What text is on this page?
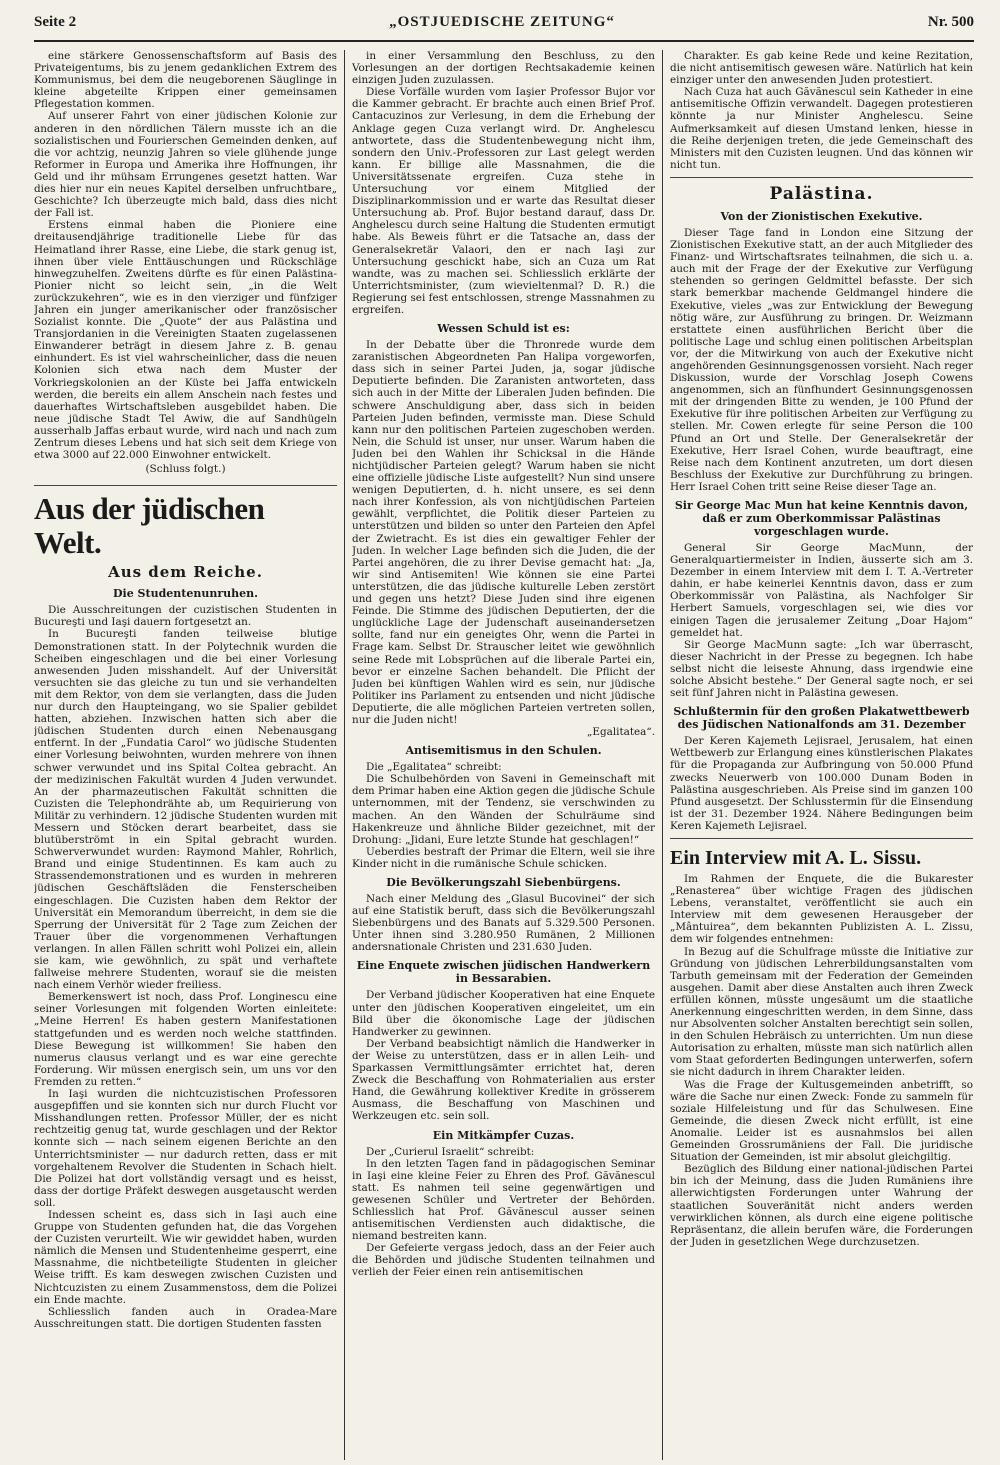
Seite 2	„OSTJUEDISCHE ZEITUNG“	Nr. 500

eine stärkere Genossenschaftsform auf Basis des Privateigentums, bis zu jenem gedanklichen Extrem des Kommunismus, bei dem die neugeborenen Säuglinge in kleine abgeteilte Krippen einer gemeinsamen Pflegestation kommen.

Auf unserer Fahrt von einer jüdischen Kolonie zur anderen in den nördlichen Tälern musste ich an die sozialistischen und Fourierschen Gemeinden denken, auf die vor achtzig, neunzig Jahren so viele glühende junge Reformer in Europa und Amerika ihre Hoffnungen, ihr Geld und ihr mühsam Errungenes gesetzt hatten. War dies hier nur ein neues Kapitel derselben unfruchtbare„ Geschichte? Ich überzeugte mich bald, dass dies nicht der Fall ist.

Erstens einmal haben die Pioniere eine dreitausendjährige traditionelle Liebe für das Heimatland ihrer Rasse, eine Liebe, die stark genug ist, ihnen über viele Enttäuschungen und Rückschläge hinwegzuhelfen. Zweitens dürfte es für einen Palästina-Pionier nicht so leicht sein, „in die Welt zurückzukehren“, wie es in den vierziger und fünfziger Jahren ein junger amerikanischer oder französischer Sozialist konnte. Die „Quote“ der aus Palästina und Transjordanien in die Vereinigten Staaten zugelassenen Einwanderer beträgt in diesem Jahre z. B. genau einhundert. Es ist viel wahrscheinlicher, dass die neuen Kolonien sich etwa nach dem Muster der Vorkriegskolonien an der Küste bei Jaffa entwickeln werden, die bereits ein allem Anschein nach festes und dauerhaftes Wirtschaftsleben ausgebildet haben. Die neue jüdische Stadt Tel Awiw, die auf Sandhügeln ausserhalb Jaffas erbaut wurde, wird nach und nach zum Zentrum dieses Lebens und hat sich seit dem Kriege von etwa 3000 auf 22.000 Einwohner entwickelt.

(Schluss folgt.)
Aus der jüdischen Welt.
Aus dem Reiche.
Die Studentenunruhen.

Die Ausschreitungen der cuzistischen Studenten in Bucureşti und Iaşi dauern fortgesetzt an.

In Bucureşti fanden teilweise blutige Demonstrationen statt. In der Polytechnik wurden die Scheiben eingeschlagen und die bei einer Vorlesung anwesenden Juden misshandelt. Auf der Universität versuchten sie das gleiche zu tun und sie verhandelten mit dem Rektor, von dem sie verlangten, dass die Juden nur durch den Haupteingang, wo sie Spalier gebildet hatten, abziehen. Inzwischen hatten sich aber die jüdischen Studenten durch einen Nebenausgang entfernt. In der „Fundatia Carol“ wo jüdische Studenten einer Vorlesung beiwohnten, wurden mehrere von ihnen schwer verwundet und ins Spital Coltea gebracht. An der medizinischen Fakultät wurden 4 Juden verwundet. An der pharmazeutischen Fakultät schnitten die Cuzisten die Telephondrähte ab, um Requirierung von Militär zu verhindern. 12 jüdische Studenten wurden mit Messern und Stöcken derart bearbeitet, dass sie blutüberströmt in ein Spital gebracht wurden. Schwerverwundet wurden: Raymond Mahler, Rohrlich, Brand und einige Studentinnen. Es kam auch zu Strassendemonstrationen und es wurden in mehreren jüdischen Geschäftsläden die Fensterscheiben eingeschlagen. Die Cuzisten haben dem Rektor der Universität ein Memorandum überreicht, in dem sie die Sperrung der Universität für 2 Tage zum Zeichen der Trauer über die vorgenommenen Verhaftungen verlangen. In allen Fällen schritt wohl Polizei ein, allein sie kam, wie gewöhnlich, zu spät und verhaftete fallweise mehrere Studenten, worauf sie die meisten nach einem Verhör wieder freiliess.

Bemerkenswert ist noch, dass Prof. Longinescu eine seiner Vorlesungen mit folgenden Worten einleitete: „Meine Herren! Es haben gestern Manifestationen stattgefunden und es werden noch welche stattfinden. Diese Bewegung ist willkommen! Sie haben den numerus clausus verlangt und es war eine gerechte Forderung. Wir müssen energisch sein, um uns vor den Fremden zu retten.“

In Iaşi wurden die nichtcuzistischen Professoren ausgepfiffen und sie konnten sich nur durch Flucht vor Misshandlungen retten. Professor Müller, der es nicht rechtzeitig genug tat, wurde geschlagen und der Rektor konnte sich — nach seinem eigenen Berichte an den Unterrichtsminister — nur dadurch retten, dass er mit vorgehaltenem Revolver die Studenten in Schach hielt. Die Polizei hat dort vollständig versagt und es heisst, dass der dortige Präfekt deswegen ausgetauscht werden soll.

Indessen scheint es, dass sich in Iaşi auch eine Gruppe von Studenten gefunden hat, die das Vorgehen der Cuzisten verurteilt. Wie wir gewiddet haben, wurden nämlich die Mensen und Studentenheime gesperrt, eine Massnahme, die nichtbeteiligte Studenten in gleicher Weise trifft. Es kam deswegen zwischen Cuzisten und Nichtcuzisten zu einem Zusammenstoss, dem die Polizei ein Ende machte.

Schliesslich fanden auch in Oradea-Mare Ausschreitungen statt. Die dortigen Studenten fassten

in einer Versammlung den Beschluss, zu den Vorlesungen an der dortigen Rechtsakademie keinen einzigen Juden zuzulassen.

Diese Vorfälle wurden vom Iaşier Professor Bujor vor die Kammer gebracht. Er brachte auch einen Brief Prof. Cantacuzinos zur Verlesung, in dem die Erhebung der Anklage gegen Cuza verlangt wird. Dr. Anghelescu antwortete, dass die Studentenbewegung nicht ihm, sondern den Univ.-Professoren zur Last gelegt werden kann. Er billige alle Massnahmen, die die Universitätssenate ergreifen. Cuza stehe in Untersuchung vor einem Mitglied der Disziplinarkommission und er warte das Resultat dieser Untersuchung ab. Prof. Bujor bestand darauf, dass Dr. Anghelescu durch seine Haltung die Studenten ermutigt habe. Als Beweis führt er die Tatsache an, dass der Generalsekretär Valaori, den er nach Iaşi zur Untersuchung geschickt habe, sich an Cuza um Rat wandte, was zu machen sei. Schliesslich erklärte der Unterrichtsminister, (zum wievieltenmal? D. R.) die Regierung sei fest entschlossen, strenge Massnahmen zu ergreifen.

Wessen Schuld ist es:

In der Debatte über die Thronrede wurde dem zaranistischen Abgeordneten Pan Halipa vorgeworfen, dass sich in seiner Partei Juden, ja, sogar jüdische Deputierte befinden. Die Zaranisten antworteten, dass sich auch in der Mitte der Liberalen Juden befinden. Die schwere Anschuldigung aber, dass sich in beiden Parteien Juden befinden, vermisste man. Diese Schuld kann nur den politischen Parteien zugeschoben werden. Nein, die Schuld ist unser, nur unser. Warum haben die Juden bei den Wahlen ihr Schicksal in die Hände nichtjüdischer Parteien gelegt? Warum haben sie nicht eine offizielle jüdische Liste aufgestellt? Nun sind unsere wenigen Deputierten, d. h. nicht unsere, es sei denn nach ihrer Konfession, als von nichtjüdischen Parteien gewählt, verpflichtet, die Politik dieser Parteien zu unterstützen und bilden so unter den Parteien den Apfel der Zwietracht. Es ist dies ein gewaltiger Fehler der Juden. In welcher Lage befinden sich die Juden, die der Partei angehören, die zu ihrer Devise gemacht hat: „Ja, wir sind Antisemiten! Wie können sie eine Partei unterstützen, die das jüdische kulturelle Leben zerstört und gegen uns hetzt? Diese Juden sind ihre eigenen Feinde. Die Stimme des jüdischen Deputierten, der die unglückliche Lage der Judenschaft auseinandersetzen sollte, fand nur ein geneigtes Ohr, wenn die Partei in Frage kam. Selbst Dr. Strauscher leitet wie gewöhnlich seine Rede mit Lobsprüchen auf die liberale Partei ein, bevor er einzelne Sachen behandelt. Die Pflicht der Juden bei künftigen Wahlen wird es sein, nur jüdische Politiker ins Parlament zu entsenden und nicht jüdische Deputierte, die alle möglichen Parteien vertreten sollen, nur die Juden nicht!

„Egalitatea“.
Antisemitismus in den Schulen.

Die „Egalitatea“ schreibt:

Die Schulbehörden von Saveni in Gemeinschaft mit dem Primar haben eine Aktion gegen die jüdische Schule unternommen, mit der Tendenz, sie verschwinden zu machen. An den Wänden der Schulräume sind Hakenkreuze und ähnliche Bilder gezeichnet, mit der Drohung: „Jidani, Eure letzte Stunde hat geschlagen!“

Ueberdies bestraft der Primar die Eltern, weil sie ihre Kinder nicht in die rumänische Schule schicken.

Die Bevölkerungszahl Siebenbürgens.

Nach einer Meldung des „Glasul Bucovinei“ der sich auf eine Statistik beruft, dass sich die Bevölkerungszahl Siebenbürgens und des Banats auf 5.329.500 Personen. Unter ihnen sind 3.280.950 Rumänen, 2 Millionen andersnationale Christen und 231.630 Juden.

Eine Enquete zwischen jüdischen Handwerkern in Bessarabien.

Der Verband jüdischer Kooperativen hat eine Enquete unter den jüdischen Kooperativen eingeleitet, um ein Bild über die ökonomische Lage der jüdischen Handwerker zu gewinnen.

Der Verband beabsichtigt nämlich die Handwerker in der Weise zu unterstützen, dass er in allen Leih- und Sparkassen Vermittlungsämter errichtet hat, deren Zweck die Beschaffung von Rohmaterialien aus erster Hand, die Gewährung kollektiver Kredite in grösserem Ausmass, die Beschaffung von Maschinen und Werkzeugen etc. sein soll.

Ein Mitkämpfer Cuzas.

Der „Curierul Israelit“ schreibt:

In den letzten Tagen fand in pädagogischen Seminar in Iaşi eine kleine Feier zu Ehren des Prof. Găvănescul statt. Es nahmen teil seine gegenwärtigen und gewesenen Schüler und Vertreter der Behörden. Schliesslich hat Prof. Găvănescul ausser seinen antisemitischen Verdiensten auch didaktische, die niemand bestreiten kann.

Der Gefeierte vergass jedoch, dass an der Feier auch die Behörden und jüdische Studenten teilnahmen und verlieh der Feier einen rein antisemitischen

Charakter. Es gab keine Rede und keine Rezitation, die nicht antisemitisch gewesen wäre. Natürlich hat kein einziger unter den anwesenden Juden protestiert.

Nach Cuza hat auch Găvănescul sein Katheder in eine antisemitische Offizin verwandelt. Dagegen protestieren könnte ja nur Minister Anghelescu. Seine Aufmerksamkeit auf diesen Umstand lenken, hiesse in die Reihe derjenigen treten, die jede Gemeinschaft des Ministers mit den Cuzisten leugnen. Und das können wir nicht tun.

Palästina.
Von der Zionistischen Exekutive.

Dieser Tage fand in London eine Sitzung der Zionistischen Exekutive statt, an der auch Mitglieder des Finanz- und Wirtschaftsrates teilnahmen, die sich u. a. auch mit der Frage der der Exekutive zur Verfügung stehenden so geringen Geldmittel befasste. Der sich stark bemerkbar machende Geldmangel hindere die Exekutive, vieles „was zur Entwicklung der Bewegung nötig wäre, zur Ausführung zu bringen. Dr. Weizmann erstattete einen ausführlichen Bericht über die politische Lage und schlug einen politischen Arbeitsplan vor, der die Mitwirkung von auch der Exekutive nicht angehörenden Gesinnungsgenossen vorsieht. Nach reger Diskussion, wurde der Vorschlag Joseph Cowens angenommen, sich an fünfhundert Gesinnungsgenossen mit der dringenden Bitte zu wenden, je 100 Pfund der Exekutive für ihre politischen Arbeiten zur Verfügung zu stellen. Mr. Cowen erlegte für seine Person die 100 Pfund an Ort und Stelle. Der Generalsekretär der Exekutive, Herr Israel Cohen, wurde beauftragt, eine Reise nach dem Kontinent anzutreten, um dort diesen Beschluss der Exekutive zur Durchführung zu bringen. Herr Israel Cohen tritt seine Reise dieser Tage an.

Sir George Mac Mun hat keine Kenntnis davon, daß er zum Oberkommissar Palästinas vorgeschlagen wurde.

General Sir George MacMunn, der Generalquartiermeister in Indien, äusserte sich am 3. Dezember in einem Interview mit dem I. T. A.-Vertreter dahin, er habe keinerlei Kenntnis davon, dass er zum Oberkommissär von Palästina, als Nachfolger Sir Herbert Samuels, vorgeschlagen sei, wie dies vor einigen Tagen die jerusalemer Zeitung „Doar Hajom“ gemeldet hat.

Sir George MacMunn sagte: „Ich war überrascht, dieser Nachricht in der Presse zu begegnen. Ich habe selbst nicht die leiseste Ahnung, dass irgendwie eine solche Absicht bestehe.“ Der General sagte noch, er sei seit fünf Jahren nicht in Palästina gewesen.

Schlußtermin für den großen Plakatwettbewerb des Jüdischen Nationalfonds am 31. Dezember

Der Keren Kajemeth Lejisrael, Jerusalem, hat einen Wettbewerb zur Erlangung eines künstlerischen Plakates für die Propaganda zur Aufbringung von 50.000 Pfund zwecks Neuerwerb von 100.000 Dunam Boden in Palästina ausgeschrieben. Als Preise sind im ganzen 100 Pfund ausgesetzt. Der Schlusstermin für die Einsendung ist der 31. Dezember 1924. Nähere Bedingungen beim Keren Kajemeth Lejisrael.

Ein Interview mit A. L. Sissu.

Im Rahmen der Enquete, die die Bukarester „Renasterea“ über wichtige Fragen des jüdischen Lebens, veranstaltet, veröffentlicht sie auch ein Interview mit dem gewesenen Herausgeber der „Mântuirea“, dem bekannten Publizisten A. L. Zissu, dem wir folgendes entnehmen:

In Bezug auf die Schulfrage müsste die Initiative zur Gründung von jüdischen Lehrerbildungsanstalten vom Tarbuth gemeinsam mit der Federation der Gemeinden ausgehen. Damit aber diese Anstalten auch ihren Zweck erfüllen können, müsste ungesäumt um die staatliche Anerkennung eingeschritten werden, in dem Sinne, dass nur Absolventen solcher Anstalten berechtigt sein sollen, in den Schulen Hebräisch zu unterrichten. Um nun diese Autorisation zu erhalten, müsste man sich natürlich allen vom Staat geforderten Bedingungen unterwerfen, sofern sie nicht dadurch in ihrem Charakter leiden.

Was die Frage der Kultusgemeinden anbetrifft, so wäre die Sache nur einen Zweck: Fonde zu sammeln für soziale Hilfeleistung und für das Schulwesen. Eine Gemeinde, die diesen Zweck nicht erfüllt, ist eine Anomalie. Leider ist es ausnahmslos bei allen Gemeinden Grossrumäniens der Fall. Die juridische Situation der Gemeinden, ist mir absolut gleichgiltig.

Bezüglich des Bildung einer national-jüdischen Partei bin ich der Meinung, dass die Juden Rumäniens ihre allerwichtigsten Forderungen unter Wahrung der staatlichen Souveränität nicht anders werden verwirklichen können, als durch eine eigene politische Repräsentanz, die allein berufen wäre, die Forderungen der Juden in gesetzlichen Wege durchzusetzen.
